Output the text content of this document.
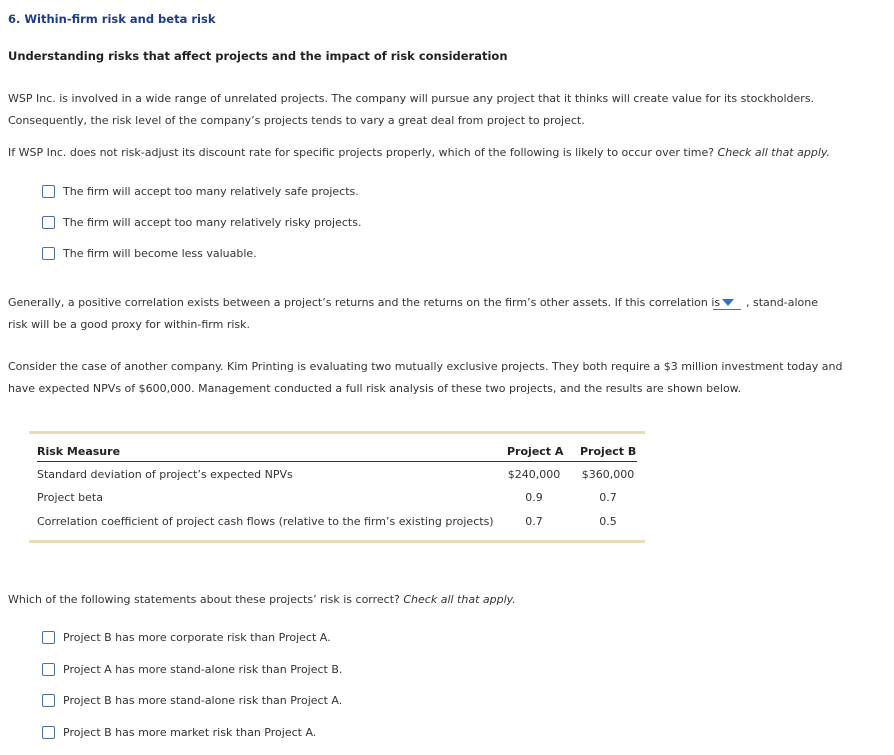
6. Within-firm risk and beta risk
Understanding risks that affect projects and the impact of risk consideration
WSP Inc. is involved in a wide range of unrelated projects. The company will pursue any project that it thinks will create value for its stockholders.
Consequently, the risk level of the company’s projects tends to vary a great deal from project to project.
If WSP Inc. does not risk-adjust its discount rate for specific projects properly, which of the following is likely to occur over time? Check all that apply.
The firm will accept too many relatively safe projects.
The firm will accept too many relatively risky projects.
The firm will become less valuable.
Generally, a positive correlation exists between a project’s returns and the returns on the firm’s other assets. If this correlation is , stand-alone
risk will be a good proxy for within-firm risk.
Consider the case of another company. Kim Printing is evaluating two mutually exclusive projects. They both require a $3 million investment today and
have expected NPVs of $600,000. Management conducted a full risk analysis of these two projects, and the results are shown below.
Risk Measure	Project A Project B
Standard deviation of project’s expected NPVs	$240,000	$360,000
Project beta	0.9	0.7
Correlation coefficient of project cash flows (relative to the firm’s existing projects)	0.7	0.5
Which of the following statements about these projects’ risk is correct? Check all that apply.
Project B has more corporate risk than Project A.
Project A has more stand-alone risk than Project B.
Project B has more stand-alone risk than Project A.
Project B has more market risk than Project A.
